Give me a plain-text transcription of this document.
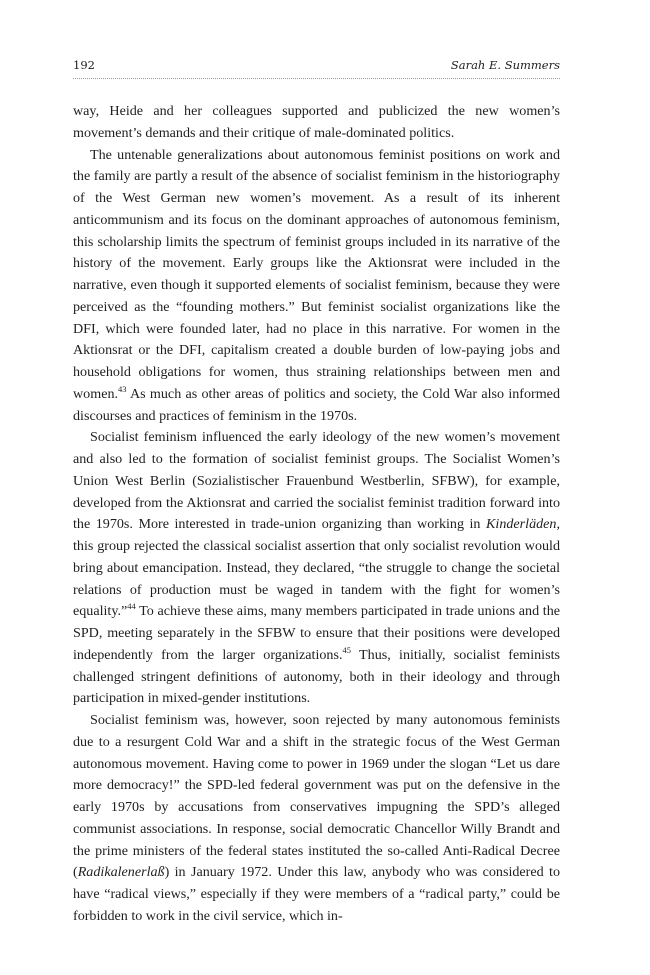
192	Sarah E. Summers

way, Heide and her colleagues supported and publicized the new women’s movement’s demands and their critique of male-dominated politics.

The untenable generalizations about autonomous feminist positions on work and the family are partly a result of the absence of socialist feminism in the historiography of the West German new women’s movement. As a result of its inherent anticommunism and its focus on the dominant approaches of autonomous feminism, this scholarship limits the spectrum of feminist groups included in its narrative of the history of the movement. Early groups like the Aktionsrat were included in the narrative, even though it supported elements of socialist feminism, because they were perceived as the “founding mothers.” But feminist socialist organizations like the DFI, which were founded later, had no place in this narrative. For women in the Aktionsrat or the DFI, capitalism created a double burden of low-paying jobs and household obligations for women, thus straining relationships between men and women.$^{43}$ As much as other areas of politics and society, the Cold War also informed discourses and practices of feminism in the 1970s.

Socialist feminism influenced the early ideology of the new women’s movement and also led to the formation of socialist feminist groups. The Socialist Women’s Union West Berlin (Sozialistischer Frauenbund Westberlin, SFBW), for example, developed from the Aktionsrat and carried the socialist feminist tradition forward into the 1970s. More interested in trade-union organizing than working in Kinderläden, this group rejected the classical socialist assertion that only socialist revolution would bring about emancipation. Instead, they declared, “the struggle to change the societal relations of production must be waged in tandem with the fight for women’s equality.”$^{44}$ To achieve these aims, many members participated in trade unions and the SPD, meeting separately in the SFBW to ensure that their positions were developed independently from the larger organizations.$^{45}$ Thus, initially, socialist feminists challenged stringent definitions of autonomy, both in their ideology and through participation in mixed-gender institutions.

Socialist feminism was, however, soon rejected by many autonomous feminists due to a resurgent Cold War and a shift in the strategic focus of the West German autonomous movement. Having come to power in 1969 under the slogan “Let us dare more democracy!” the SPD-led federal government was put on the defensive in the early 1970s by accusations from conservatives impugning the SPD’s alleged communist associations. In response, social democratic Chancellor Willy Brandt and the prime ministers of the federal states instituted the so-called Anti-Radical Decree (Radikalenerlaß) in January 1972. Under this law, anybody who was considered to have “radical views,” especially if they were members of a “radical party,” could be forbidden to work in the civil service, which in-
